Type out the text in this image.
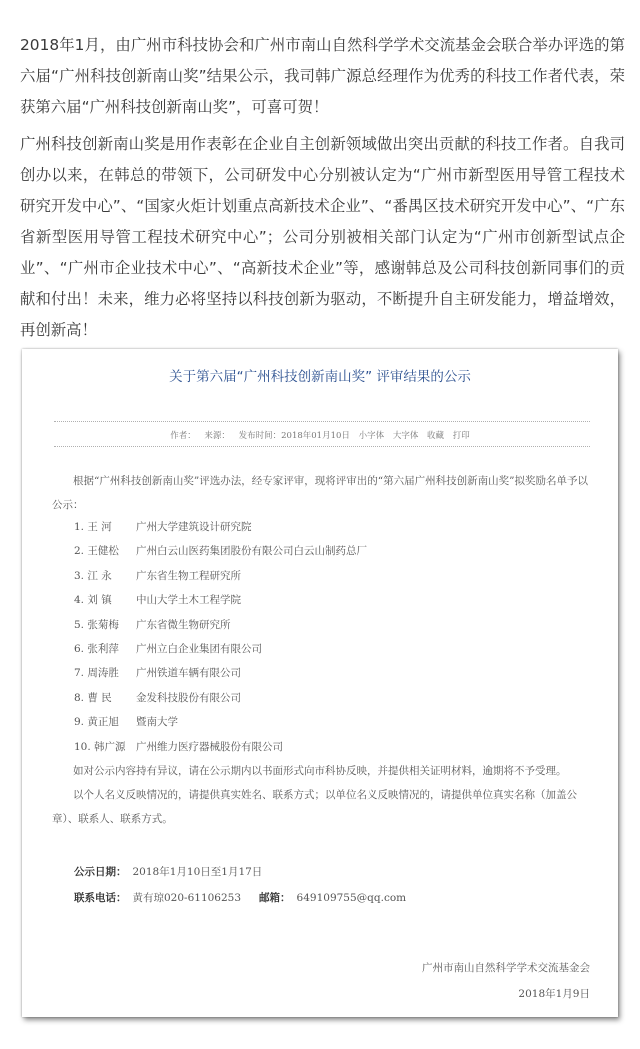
2018年1月，由广州市科技协会和广州市南山自然科学学术交流基金会联合举办评选的第六届“广州科技创新南山奖”结果公示，我司韩广源总经理作为优秀的科技工作者代表，荣获第六届“广州科技创新南山奖”，可喜可贺！

广州科技创新南山奖是用作表彰在企业自主创新领域做出突出贡献的科技工作者。自我司创办以来，在韩总的带领下，公司研发中心分别被认定为“广州市新型医用导管工程技术研究开发中心”、“国家火炬计划重点高新技术企业”、“番禺区技术研究开发中心”、“广东省新型医用导管工程技术研究中心”；公司分别被相关部门认定为“广州市创新型试点企业”、“广州市企业技术中心”、“高新技术企业”等，感谢韩总及公司科技创新同事们的贡献和付出！未来，维力必将坚持以科技创新为驱动，不断提升自主研发能力，增益增效，再创新高！

关于第六届“广州科技创新南山奖” 评审结果的公示
作者： 来源： 发布时间：2018年01月10日 小字体 大字体 收藏 打印

根据“广州科技创新南山奖”评选办法，经专家评审，现将评审出的“第六届广州科技创新南山奖”拟奖励名单予以公示：

1. 王 河 广州大学建筑设计研究院
2. 王健松 广州白云山医药集团股份有限公司白云山制药总厂
3. 江 永 广东省生物工程研究所
4. 刘 镇 中山大学土木工程学院
5. 张菊梅 广东省微生物研究所
6. 张利萍 广州立白企业集团有限公司
7. 周涛胜 广州铁道车辆有限公司
8. 曹 民 金发科技股份有限公司
9. 黄正旭 暨南大学
10. 韩广源 广州维力医疗器械股份有限公司

如对公示内容持有异议，请在公示期内以书面形式向市科协反映，并提供相关证明材料，逾期将不予受理。

以个人名义反映情况的，请提供真实姓名、联系方式；以单位名义反映情况的，请提供单位真实名称（加盖公章）、联系人、联系方式。

公示日期： 2018年1月10日至1月17日
联系电话： 黄有琼020-61106253 邮箱： 649109755@qq.com
广州市南山自然科学学术交流基金会
2018年1月9日
